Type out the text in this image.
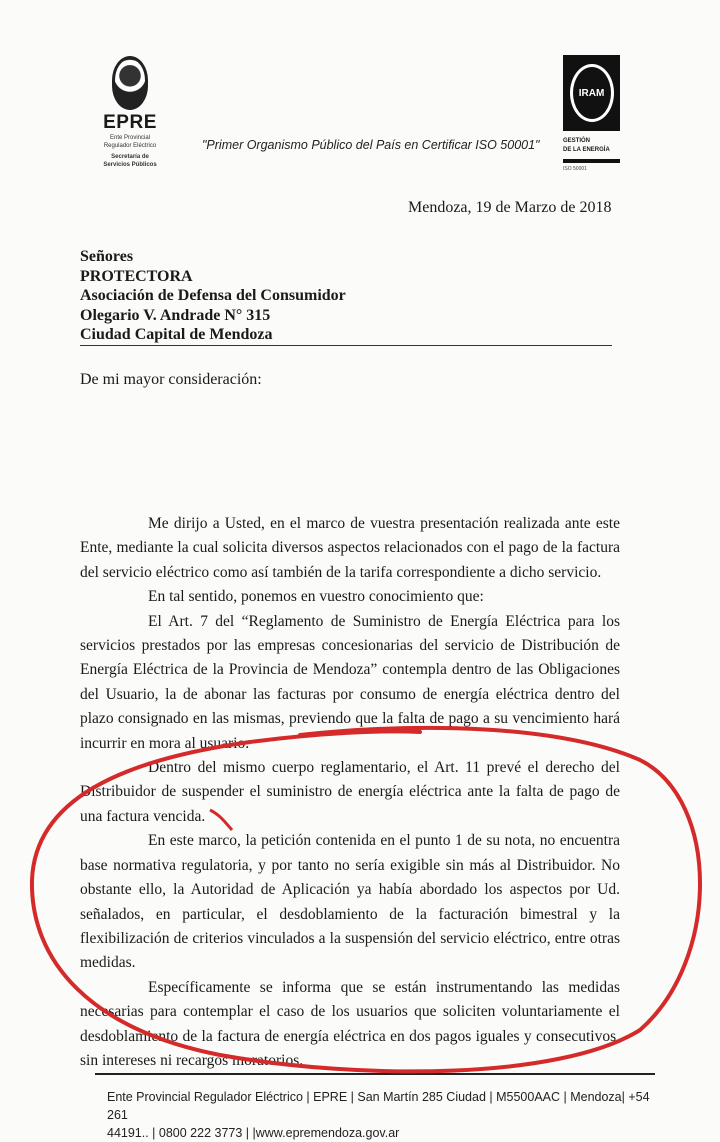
EPRE
Ente Provincial
Regulador Eléctrico
Secretaría de
Servicios Públicos
"Primer Organismo Público del País en Certificar ISO 50001"
IRAM
GESTIÓN
DE LA ENERGÍA
ISO 50001
Mendoza, 19 de Marzo de 2018
Señores
PROTECTORA
Asociación de Defensa del Consumidor
Olegario V. Andrade N° 315
Ciudad Capital de Mendoza
De mi mayor consideración:

Me dirijo a Usted, en el marco de vuestra presentación realizada ante este Ente, mediante la cual solicita diversos aspectos relacionados con el pago de la factura del servicio eléctrico como así también de la tarifa correspondiente a dicho servicio.

En tal sentido, ponemos en vuestro conocimiento que:

El Art. 7 del “Reglamento de Suministro de Energía Eléctrica para los servicios prestados por las empresas concesionarias del servicio de Distribución de Energía Eléctrica de la Provincia de Mendoza” contempla dentro de las Obligaciones del Usuario, la de abonar las facturas por consumo de energía eléctrica dentro del plazo consignado en las mismas, previendo que la falta de pago a su vencimiento hará incurrir en mora al usuario.

Dentro del mismo cuerpo reglamentario, el Art. 11 prevé el derecho del Distribuidor de suspender el suministro de energía eléctrica ante la falta de pago de una factura vencida.

En este marco, la petición contenida en el punto 1 de su nota, no encuentra base normativa regulatoria, y por tanto no sería exigible sin más al Distribuidor. No obstante ello, la Autoridad de Aplicación ya había abordado los aspectos por Ud. señalados, en particular, el desdoblamiento de la facturación bimestral y la flexibilización de criterios vinculados a la suspensión del servicio eléctrico, entre otras medidas.

Específicamente se informa que se están instrumentando las medidas necesarias para contemplar el caso de los usuarios que soliciten voluntariamente el desdoblamiento de la factura de energía eléctrica en dos pagos iguales y consecutivos, sin intereses ni recargos moratorios.

Ente Provincial Regulador Eléctrico | EPRE | San Martín 285 Ciudad | M5500AAC | Mendoza| +54 261
44191.. | 0800 222 3773 | |www.epremendoza.gov.ar
